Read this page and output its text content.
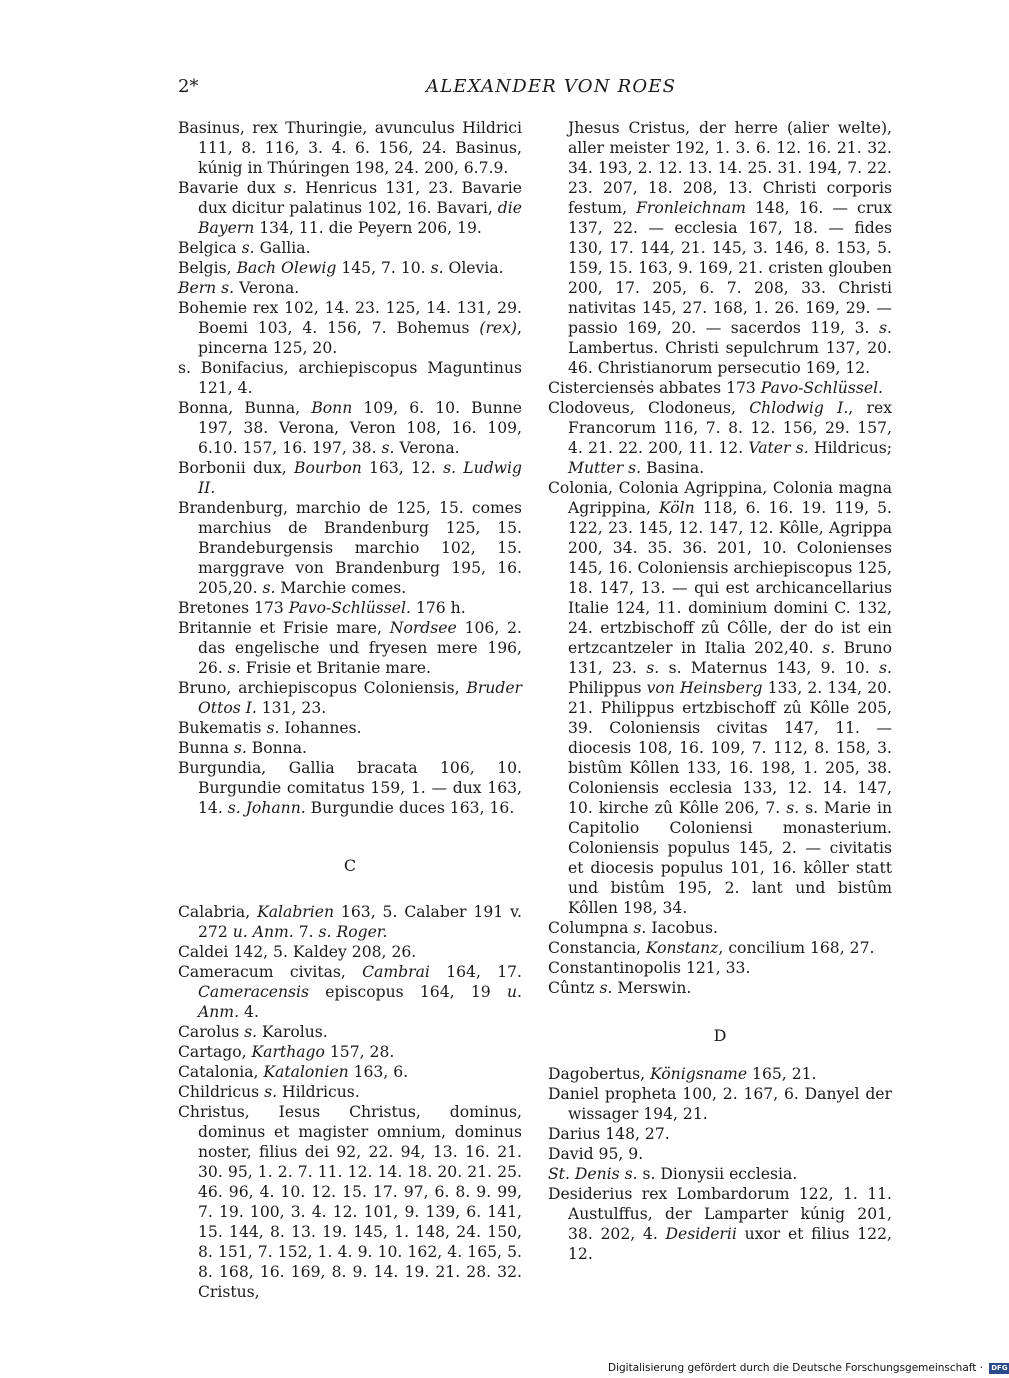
2*	ALEXANDER VON ROES

Basinus, rex Thuringie, avunculus Hildrici 111, 8. 116, 3. 4. 6. 156, 24. Basinus, kúnig in Thúringen 198, 24. 200, 6.7.9.

Bavarie dux s. Henricus 131, 23. Bavarie dux dicitur palatinus 102, 16. Bavari, die Bayern 134, 11. die Peyern 206, 19.

Belgica s. Gallia.

Belgis, Bach Olewig 145, 7. 10. s. Olevia.

Bern s. Verona.

Bohemie rex 102, 14. 23. 125, 14. 131, 29. Boemi 103, 4. 156, 7. Bohemus (rex), pincerna 125, 20.

s. Bonifacius, archiepiscopus Maguntinus 121, 4.

Bonna, Bunna, Bonn 109, 6. 10. Bunne 197, 38. Verona, Veron 108, 16. 109, 6.10. 157, 16. 197, 38. s. Verona.

Borbonii dux, Bourbon 163, 12. s. Ludwig II.

Brandenburg, marchio de 125, 15. comes marchius de Brandenburg 125, 15. Brandeburgensis marchio 102, 15. marggrave von Brandenburg 195, 16. 205,20. s. Marchie comes.

Bretones 173 Pavo-Schlüssel. 176 h.

Britannie et Frisie mare, Nordsee 106, 2. das engelische und fryesen mere 196, 26. s. Frisie et Britanie mare.

Bruno, archiepiscopus Coloniensis, Bruder Ottos I. 131, 23.

Bukematis s. Iohannes.

Bunna s. Bonna.

Burgundia, Gallia bracata 106, 10. Burgundie comitatus 159, 1. — dux 163, 14. s. Johann. Burgundie duces 163, 16.

C

Calabria, Kalabrien 163, 5. Calaber 191 v. 272 u. Anm. 7. s. Roger.

Caldei 142, 5. Kaldey 208, 26.

Cameracum civitas, Cambrai 164, 17. Cameracensis episcopus 164, 19 u. Anm. 4.

Carolus s. Karolus.

Cartago, Karthago 157, 28.

Catalonia, Katalonien 163, 6.

Childricus s. Hildricus.

Christus, Iesus Christus, dominus, dominus et magister omnium, dominus noster, filius dei 92, 22. 94, 13. 16. 21. 30. 95, 1. 2. 7. 11. 12. 14. 18. 20. 21. 25. 46. 96, 4. 10. 12. 15. 17. 97, 6. 8. 9. 99, 7. 19. 100, 3. 4. 12. 101, 9. 139, 6. 141, 15. 144, 8. 13. 19. 145, 1. 148, 24. 150, 8. 151, 7. 152, 1. 4. 9. 10. 162, 4. 165, 5. 8. 168, 16. 169, 8. 9. 14. 19. 21. 28. 32. Cristus,

Jhesus Cristus, der herre (alier welte), aller meister 192, 1. 3. 6. 12. 16. 21. 32. 34. 193, 2. 12. 13. 14. 25. 31. 194, 7. 22. 23. 207, 18. 208, 13. Christi corporis festum, Fronleichnam 148, 16. — crux 137, 22. — ecclesia 167, 18. — fides 130, 17. 144, 21. 145, 3. 146, 8. 153, 5. 159, 15. 163, 9. 169, 21. cristen glouben 200, 17. 205, 6. 7. 208, 33. Christi nativitas 145, 27. 168, 1. 26. 169, 29. — passio 169, 20. — sacerdos 119, 3. s. Lambertus. Christi sepulchrum 137, 20. 46. Christianorum persecutio 169, 12.

Cisterciensės abbates 173 Pavo-Schlüssel.

Clodoveus, Clodoneus, Chlodwig I., rex Francorum 116, 7. 8. 12. 156, 29. 157, 4. 21. 22. 200, 11. 12. Vater s. Hildricus; Mutter s. Basina.

Colonia, Colonia Agrippina, Colonia magna Agrippina, Köln 118, 6. 16. 19. 119, 5. 122, 23. 145, 12. 147, 12. Kôlle, Agrippa 200, 34. 35. 36. 201, 10. Colonienses 145, 16. Coloniensis archiepiscopus 125, 18. 147, 13. — qui est archicancellarius Italie 124, 11. dominium domini C. 132, 24. ertzbischoff zû Côlle, der do ist ein ertzcantzeler in Italia 202,40. s. Bruno 131, 23. s. s. Maternus 143, 9. 10. s. Philippus von Heinsberg 133, 2. 134, 20. 21. Philippus ertzbischoff zû Kôlle 205, 39. Coloniensis civitas 147, 11. — diocesis 108, 16. 109, 7. 112, 8. 158, 3. bistûm Kôllen 133, 16. 198, 1. 205, 38. Coloniensis ecclesia 133, 12. 14. 147, 10. kirche zû Kôlle 206, 7. s. s. Marie in Capitolio Coloniensi monasterium. Coloniensis populus 145, 2. — civitatis et diocesis populus 101, 16. kôller statt und bistûm 195, 2. lant und bistûm Kôllen 198, 34.

Columpna s. Iacobus.

Constancia, Konstanz, concilium 168, 27.

Constantinopolis 121, 33.

Cûntz s. Merswin.

D

Dagobertus, Königsname 165, 21.

Daniel propheta 100, 2. 167, 6. Danyel der wissager 194, 21.

Darius 148, 27.

David 95, 9.

St. Denis s. s. Dionysii ecclesia.

Desiderius rex Lombardorum 122, 1. 11. Austulffus, der Lamparter kúnig 201, 38. 202, 4. Desiderii uxor et filius 122, 12.

Digitalisierung gefördert durch die Deutsche Forschungsgemeinschaft · DFG
